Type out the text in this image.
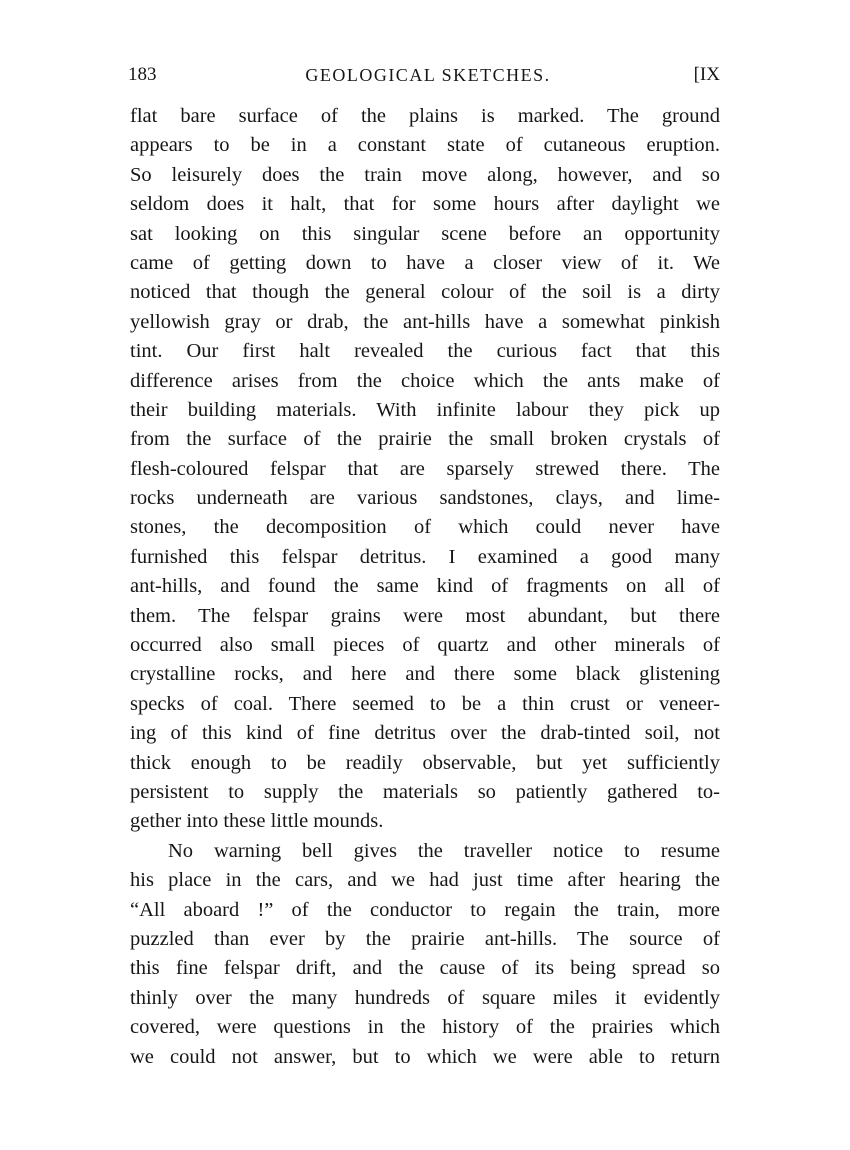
183	GEOLOGICAL SKETCHES.	[IX
flat bare surface of the plains is marked. The ground
appears to be in a constant state of cutaneous eruption.
So leisurely does the train move along, however, and so
seldom does it halt, that for some hours after daylight we
sat looking on this singular scene before an opportunity
came of getting down to have a closer view of it. We
noticed that though the general colour of the soil is a dirty
yellowish gray or drab, the ant-hills have a somewhat pinkish
tint. Our first halt revealed the curious fact that this
difference arises from the choice which the ants make of
their building materials. With infinite labour they pick up
from the surface of the prairie the small broken crystals of
flesh-coloured felspar that are sparsely strewed there. The
rocks underneath are various sandstones, clays, and lime-
stones, the decomposition of which could never have
furnished this felspar detritus. I examined a good many
ant-hills, and found the same kind of fragments on all of
them. The felspar grains were most abundant, but there
occurred also small pieces of quartz and other minerals of
crystalline rocks, and here and there some black glistening
specks of coal. There seemed to be a thin crust or veneer-
ing of this kind of fine detritus over the drab-tinted soil, not
thick enough to be readily observable, but yet sufficiently
persistent to supply the materials so patiently gathered to-
gether into these little mounds.
No warning bell gives the traveller notice to resume
his place in the cars, and we had just time after hearing the
“All aboard !” of the conductor to regain the train, more
puzzled than ever by the prairie ant-hills. The source of
this fine felspar drift, and the cause of its being spread so
thinly over the many hundreds of square miles it evidently
covered, were questions in the history of the prairies which
we could not answer, but to which we were able to return
